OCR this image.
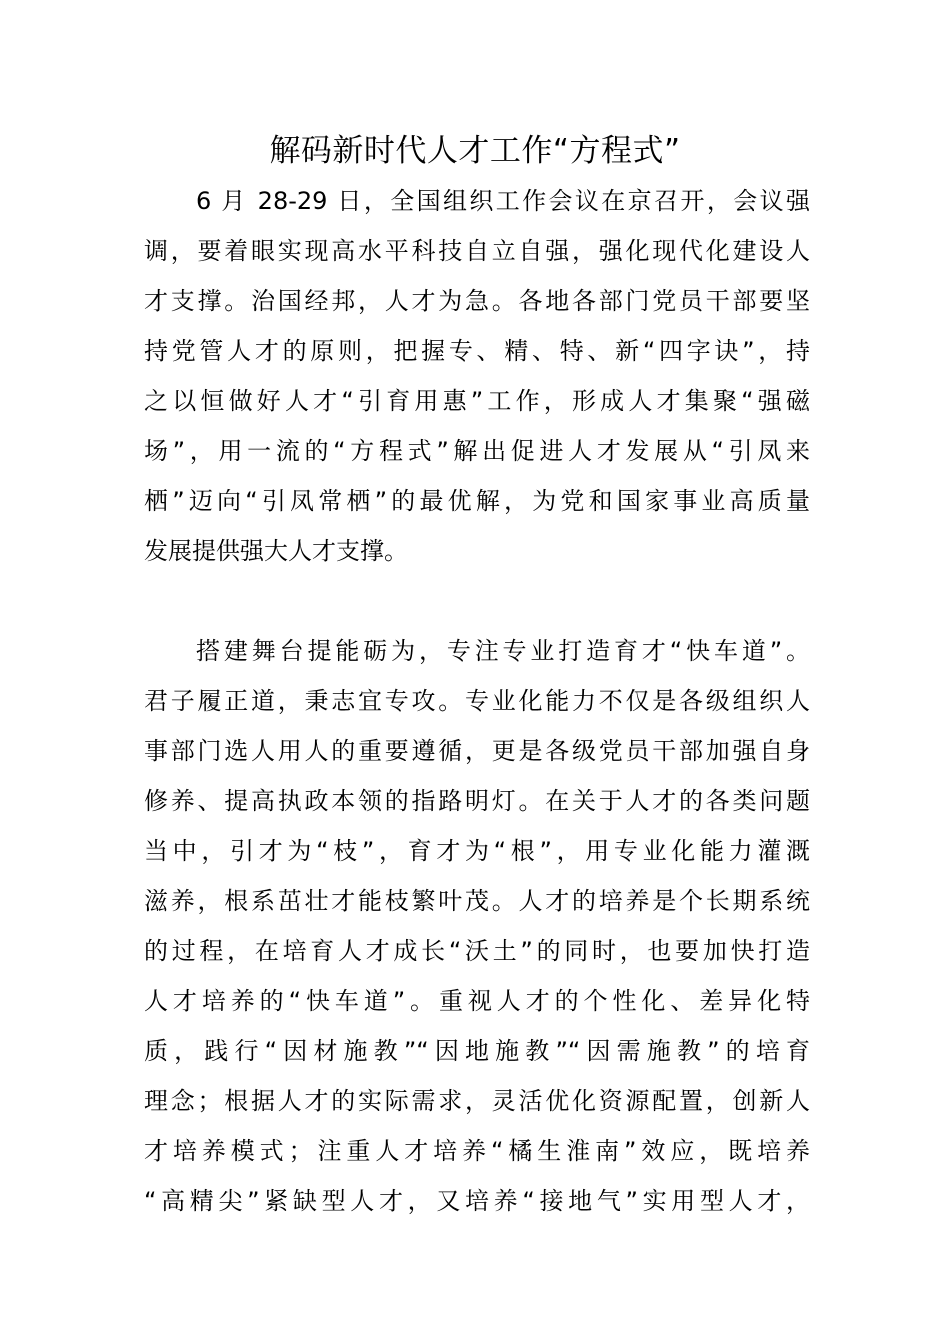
解码新时代人才工作“方程式”
6 月 28-29 日，全国组织工作会议在京召开，会议强
调，要着眼实现高水平科技自立自强，强化现代化建设人
才支撑。治国经邦，人才为急。各地各部门党员干部要坚
持党管人才的原则，把握专、精、特、新“四字诀”，持
之以恒做好人才“引育用惠”工作，形成人才集聚“强磁
场”，用一流的“方程式”解出促进人才发展从“引凤来
栖”迈向“引凤常栖”的最优解，为党和国家事业高质量
发展提供强大人才支撑。
搭建舞台提能砺为，专注专业打造育才“快车道”。
君子履正道，秉志宜专攻。专业化能力不仅是各级组织人
事部门选人用人的重要遵循，更是各级党员干部加强自身
修养、提高执政本领的指路明灯。在关于人才的各类问题
当中，引才为“枝”，育才为“根”，用专业化能力灌溉
滋养，根系茁壮才能枝繁叶茂。人才的培养是个长期系统
的过程，在培育人才成长“沃土”的同时，也要加快打造
人才培养的“快车道”。重视人才的个性化、差异化特
质，践行“因材施教”“因地施教”“因需施教”的培育
理念；根据人才的实际需求，灵活优化资源配置，创新人
才培养模式；注重人才培养“橘生淮南”效应，既培养
“高精尖”紧缺型人才，又培养“接地气”实用型人才，
